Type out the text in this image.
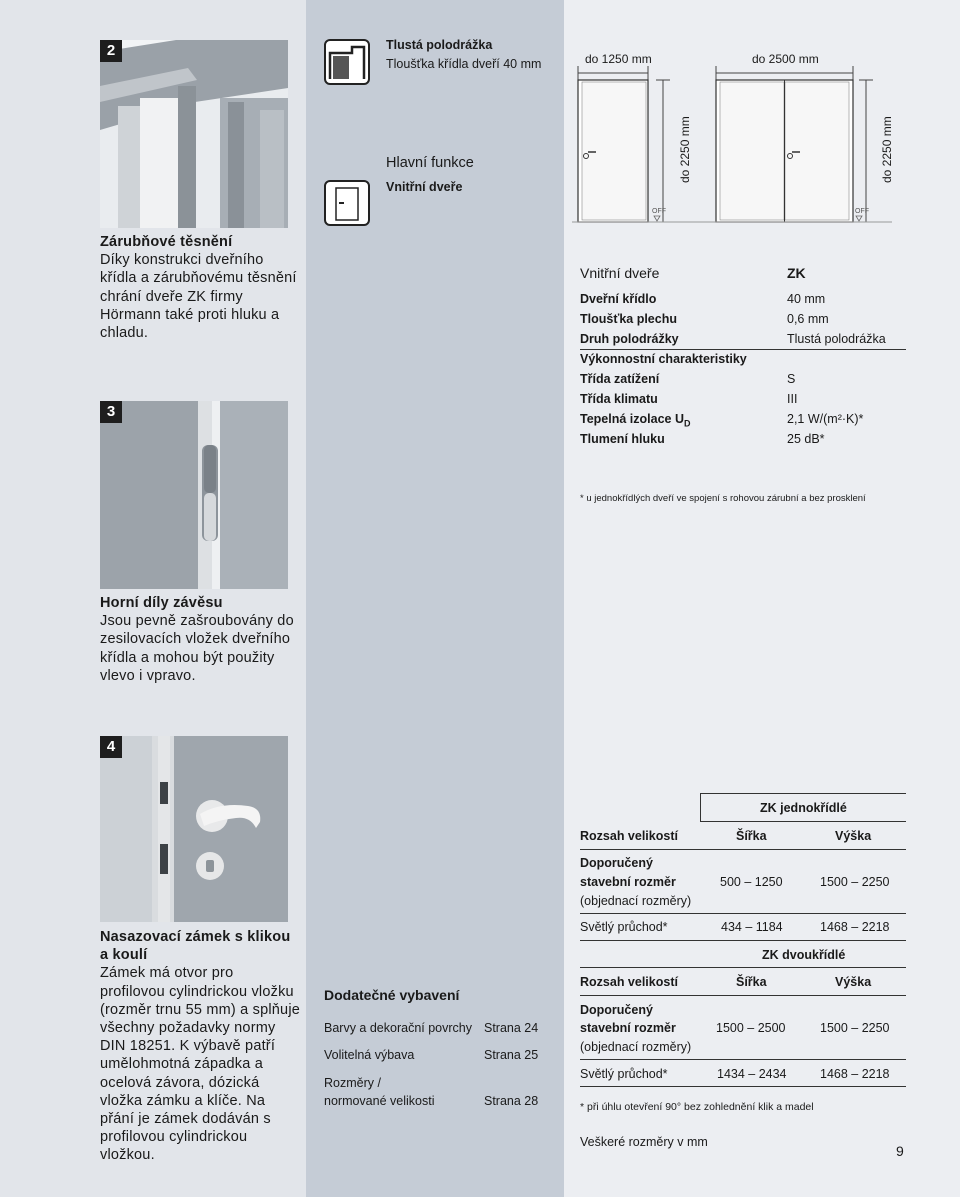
2
Zárubňové těsnění
Díky konstrukci dveřního křídla a zárubňovému těsnění chrání dveře ZK firmy Hörmann také proti hluku a chladu.
3
Horní díly závěsu
Jsou pevně zašroubovány do zesilovacích vložek dveřního křídla a mohou být použity vlevo i vpravo.
4
Nasazovací zámek s klikou a koulí
Zámek má otvor pro profilovou cylindrickou vložku (rozměr trnu 55 mm) a splňuje všechny požadavky normy DIN 18251. K výbavě patří umělohmotná západka a ocelová závora, dózická vložka zámku a klíče. Na přání je zámek dodáván s profilovou cylindrickou vložkou.
Tlustá polodrážka
Tloušťka křídla dveří 40 mm
Hlavní funkce
Vnitřní dveře
Dodatečné vybavení
Barvy a dekorační povrchy Strana 24
Volitelná výbava	Strana 25
Rozměry /
normované velikosti	Strana 28
do 1250 mm	do 2500 mm
do 2250 mm	do 2250 mm
OFF	OFF
Vnitřní dveře	ZK
Dveřní křídlo	40 mm
Tloušťka plechu	0,6 mm
Druh polodrážky	Tlustá polodrážka
Výkonnostní charakteristiky
Třída zatížení	S
Třída klimatu	III
Tepelná izolace $U_D$	2,1 W/(m²·K)*
Tlumení hluku	25 dB*
* u jednokřídlých dveří ve spojení s rohovou zárubní a bez prosklení
ZK jednokřídlé
Rozsah velikostí	Šířka	Výška
Doporučený
stavební rozměr
(objednací rozměry)
500 – 1250	1500 – 2250
Světlý průchod*	434 – 1184	1468 – 2218
ZK dvoukřídlé
Rozsah velikostí	Šířka	Výška
Doporučený
stavební rozměr
(objednací rozměry)
1500 – 2500	1500 – 2250
Světlý průchod*	1434 – 2434	1468 – 2218
* při úhlu otevření 90° bez zohlednění klik a madel
Veškeré rozměry v mm
9
